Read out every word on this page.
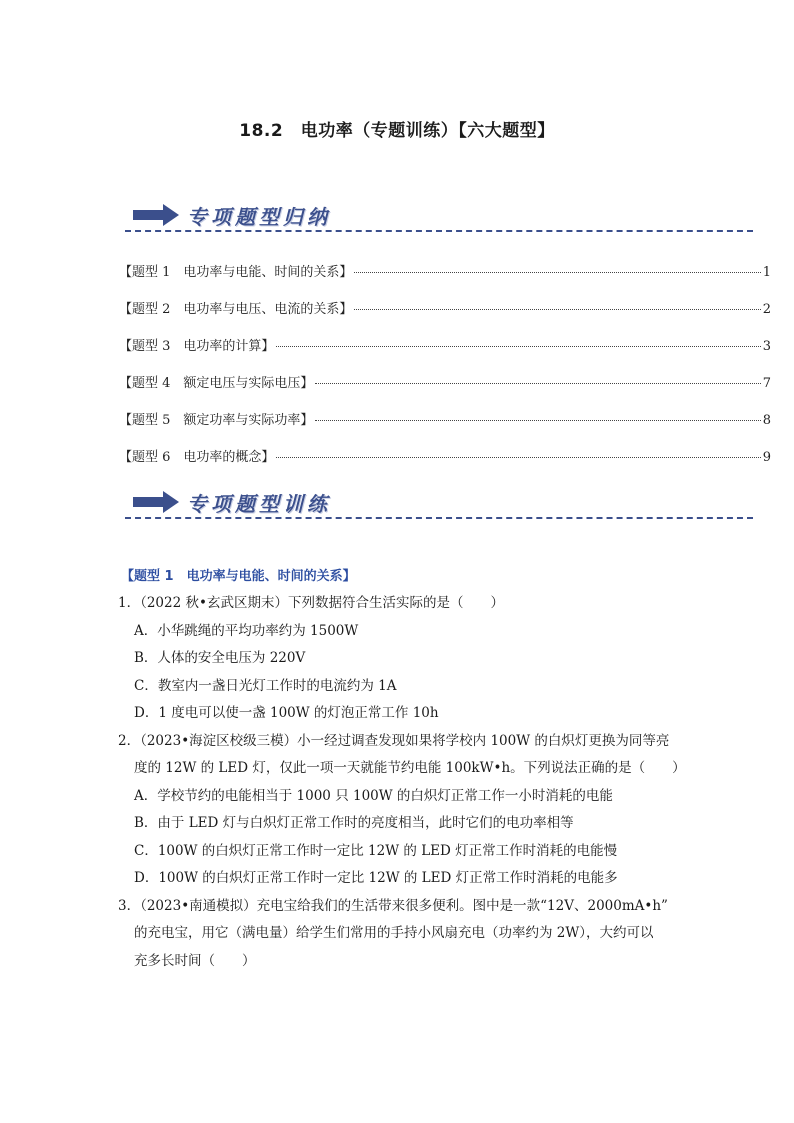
18.2　电功率（专题训练）【六大题型】
专项题型归纳
【题型 1　电功率与电能、时间的关系】	1
【题型 2　电功率与电压、电流的关系】	2
【题型 3　电功率的计算】	3
【题型 4　额定电压与实际电压】	7
【题型 5　额定功率与实际功率】	8
【题型 6　电功率的概念】	9
专项题型训练
【题型 1　电功率与电能、时间的关系】
1．（2022 秋•玄武区期末）下列数据符合生活实际的是（　　）
A．小华跳绳的平均功率约为 1500W
B．人体的安全电压为 220V
C．教室内一盏日光灯工作时的电流约为 1A
D．1 度电可以使一盏 100W 的灯泡正常工作 10h
2．（2023•海淀区校级三模）小一经过调查发现如果将学校内 100W 的白炽灯更换为同等亮
度的 12W 的 LED 灯，仅此一项一天就能节约电能 100kW•h。下列说法正确的是（　　）
A．学校节约的电能相当于 1000 只 100W 的白炽灯正常工作一小时消耗的电能
B．由于 LED 灯与白炽灯正常工作时的亮度相当，此时它们的电功率相等
C．100W 的白炽灯正常工作时一定比 12W 的 LED 灯正常工作时消耗的电能慢
D．100W 的白炽灯正常工作时一定比 12W 的 LED 灯正常工作时消耗的电能多
3．（2023•南通模拟）充电宝给我们的生活带来很多便利。图中是一款“12V、2000mA•h”
的充电宝，用它（满电量）给学生们常用的手持小风扇充电（功率约为 2W），大约可以
充多长时间（　　）
